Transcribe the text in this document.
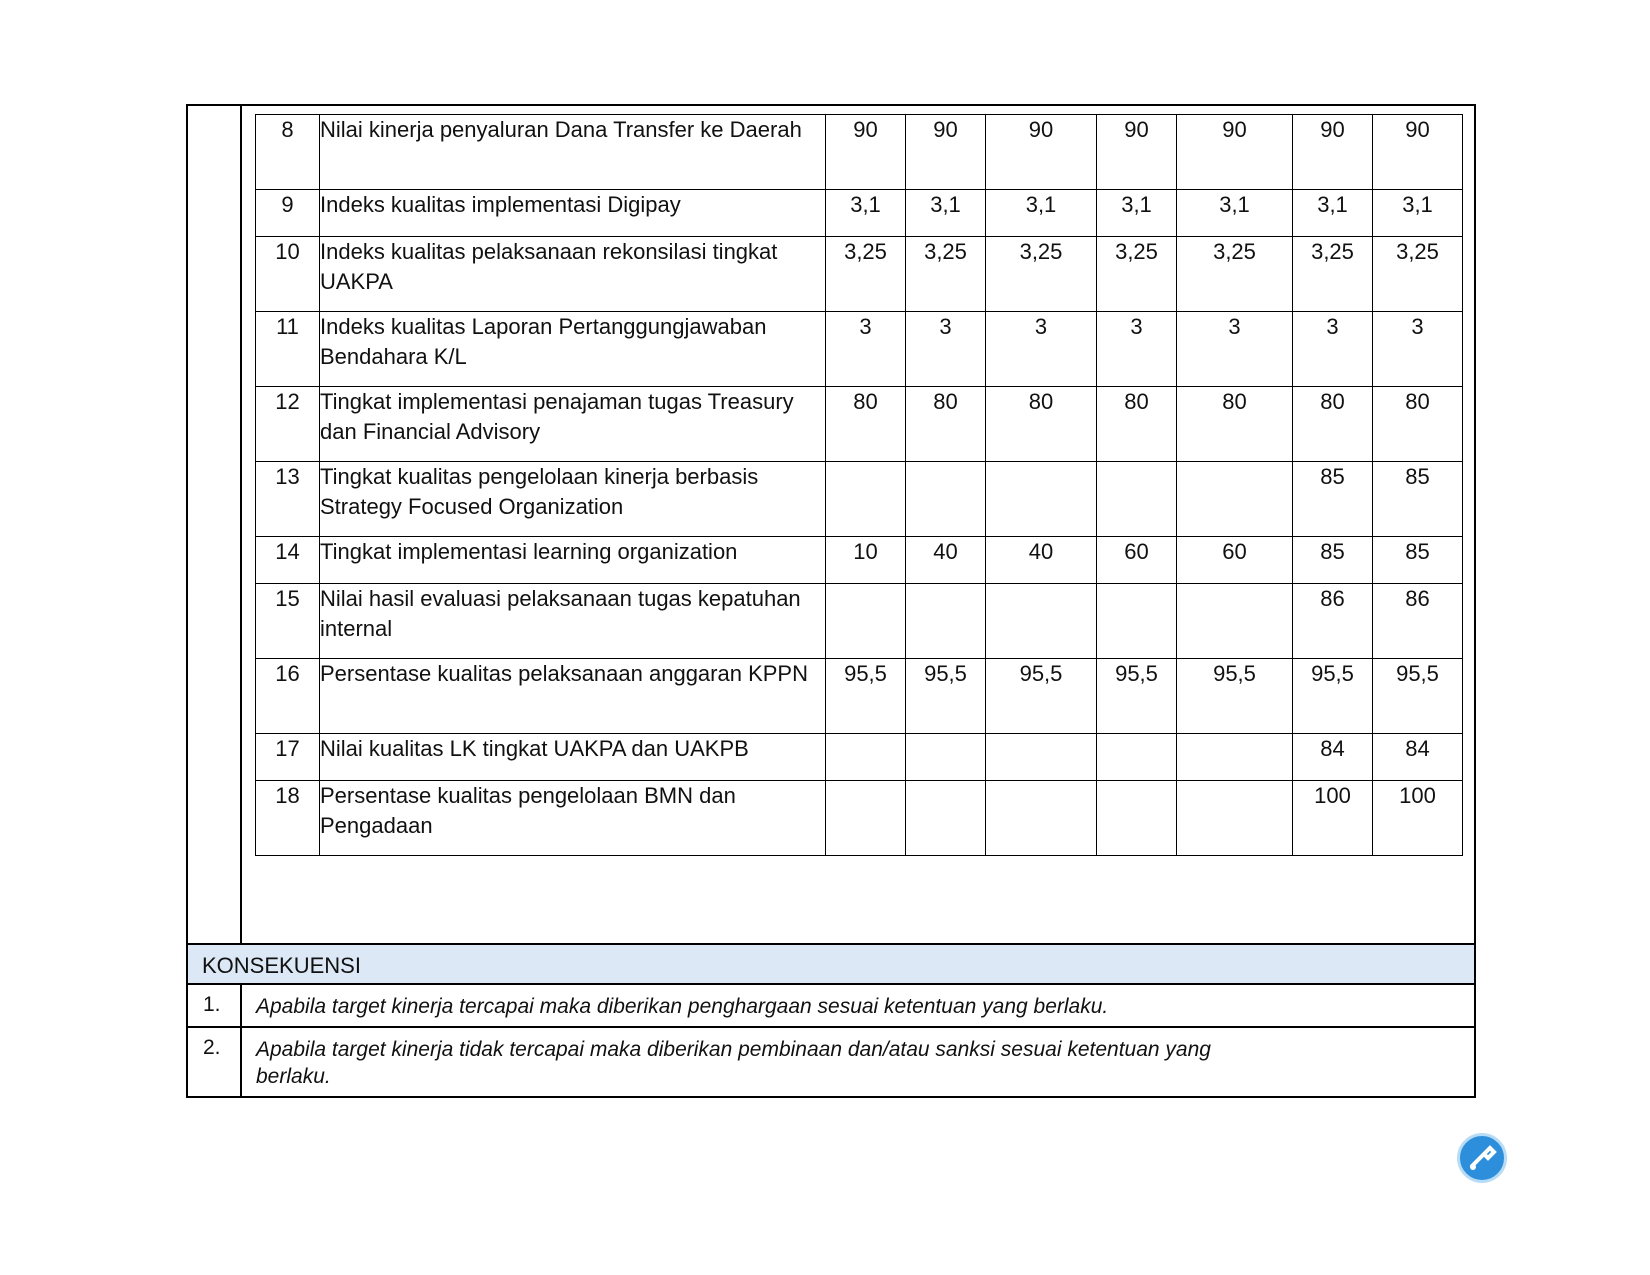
8	Nilai kinerja penyaluran Dana Transfer ke Daerah	90	90	90	90	90	90	90
9	Indeks kualitas implementasi Digipay	3,1	3,1	3,1	3,1	3,1	3,1	3,1
10	Indeks kualitas pelaksanaan rekonsilasi tingkat UAKPA	3,25	3,25	3,25	3,25	3,25	3,25	3,25
11	Indeks kualitas Laporan Pertanggungjawaban Bendahara K/L	3	3	3	3	3	3	3
12	Tingkat implementasi penajaman tugas Treasury dan Financial Advisory	80	80	80	80	80	80	80
13	Tingkat kualitas pengelolaan kinerja berbasis Strategy Focused Organization						85	85
14	Tingkat implementasi learning organization	10	40	40	60	60	85	85
15	Nilai hasil evaluasi pelaksanaan tugas kepatuhan internal						86	86
16	Persentase kualitas pelaksanaan anggaran KPPN	95,5	95,5	95,5	95,5	95,5	95,5	95,5
17	Nilai kualitas LK tingkat UAKPA dan UAKPB						84	84
18	Persentase kualitas pengelolaan BMN dan Pengadaan						100	100
KONSEKUENSI
1. Apabila target kinerja tercapai maka diberikan penghargaan sesuai ketentuan yang berlaku.
2. Apabila target kinerja tidak tercapai maka diberikan pembinaan dan/atau sanksi sesuai ketentuan yang berlaku.
